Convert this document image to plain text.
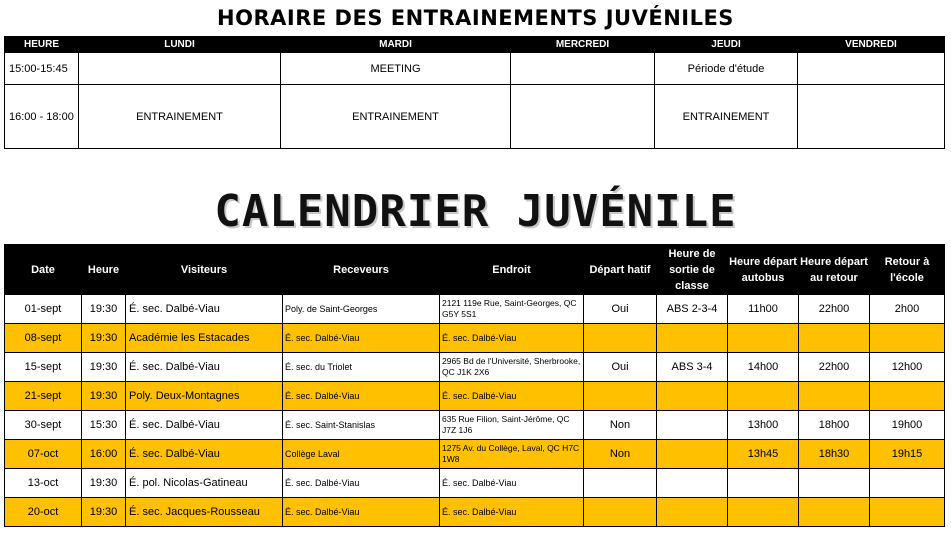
HORAIRE DES ENTRAINEMENTS JUVÉNILES
HEURE	LUNDI	MARDI	MERCREDI	JEUDI	VENDREDI
15:00-15:45		MEETING		Période d'étude	
16:00 - 18:00	ENTRAINEMENT	ENTRAINEMENT		ENTRAINEMENT	
CALENDRIER JUVÉNILE
Date	Heure	Visiteurs	Receveurs	Endroit	Départ hatif	Heure de sortie de classe	Heure départ autobus	Heure départ au retour	Retour à l'école
01-sept	19:30	É. sec. Dalbé-Viau	Poly. de Saint-Georges	2121 119e Rue, Saint-Georges, QC G5Y 5S1	Oui	ABS 2-3-4	11h00	22h00	2h00
08-sept	19:30	Académie les Estacades	É. sec. Dalbé-Viau	É. sec. Dalbé-Viau					
15-sept	19:30	É. sec. Dalbé-Viau	É. sec. du Triolet	2965 Bd de l'Université, Sherbrooke, QC J1K 2X6	Oui	ABS 3-4	14h00	22h00	12h00
21-sept	19:30	Poly. Deux-Montagnes	É. sec. Dalbé-Viau	É. sec. Dalbé-Viau					
30-sept	15:30	É. sec. Dalbé-Viau	É. sec. Saint-Stanislas	635 Rue Filion, Saint-Jérôme, QC J7Z 1J6	Non		13h00	18h00	19h00
07-oct	16:00	É. sec. Dalbé-Viau	Collège Laval	1275 Av. du Collège, Laval, QC H7C 1W8	Non		13h45	18h30	19h15
13-oct	19:30	É. pol. Nicolas-Gatineau	É. sec. Dalbé-Viau	É. sec. Dalbé-Viau					
20-oct	19:30	É. sec. Jacques-Rousseau	É. sec. Dalbé-Viau	É. sec. Dalbé-Viau					
